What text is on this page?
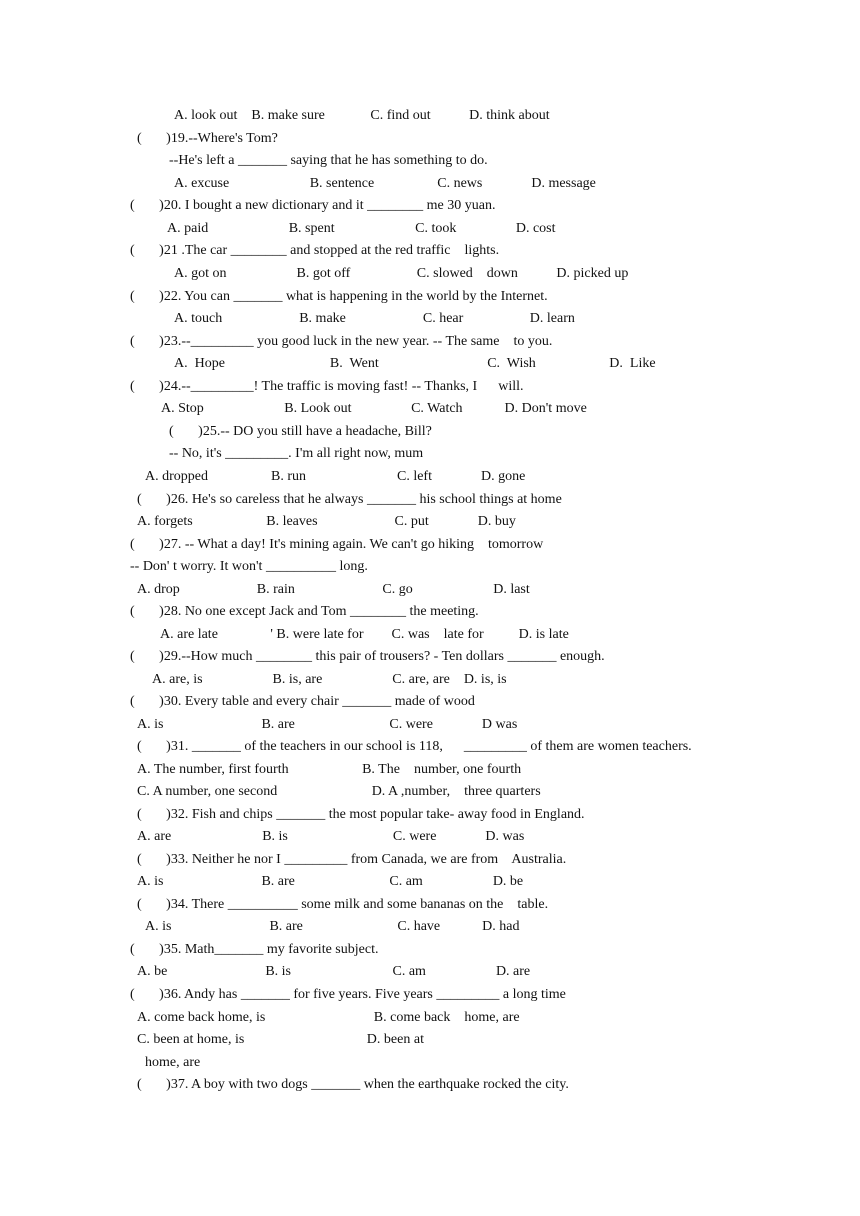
A. look out    B. make sure             C. find out           D. think about
(       )19.--Where's Tom?
--He's left a _______ saying that he has something to do.
A. excuse                       B. sentence                  C. news              D. message
(       )20. I bought a new dictionary and it ________ me 30 yuan.
A. paid                       B. spent                       C. took                 D. cost
(       )21 .The car ________ and stopped at the red traffic    lights.
A. got on                    B. got off                   C. slowed    down           D. picked up
(       )22. You can _______ what is happening in the world by the Internet.
A. touch                      B. make                      C. hear                   D. learn
(       )23.--_________ you good luck in the new year. -- The same    to you.
A.  Hope                              B.  Went                               C.  Wish                     D.  Like
(       )24.--_________! The traffic is moving fast! -- Thanks, I      will.
A. Stop                       B. Look out                 C. Watch            D. Don't move
(       )25.-- DO you still have a headache, Bill?
-- No, it's _________. I'm all right now, mum
A. dropped                  B. run                          C. left              D. gone
(       )26. He's so careless that he always _______ his school things at home
A. forgets                     B. leaves                      C. put              D. buy
(       )27. -- What a day! It's mining again. We can't go hiking    tomorrow
-- Don' t worry. It won't __________ long.
A. drop                      B. rain                         C. go                       D. last
(       )28. No one except Jack and Tom ________ the meeting.
A. are late               ' B. were late for        C. was    late for          D. is late
(       )29.--How much ________ this pair of trousers? - Ten dollars _______ enough.
A. are, is                    B. is, are                    C. are, are    D. is, is
(       )30. Every table and every chair _______ made of wood
A. is                            B. are                           C. were              D was
(       )31. _______ of the teachers in our school is 118,      _________ of them are women teachers.
A. The number, first fourth                     B. The    number, one fourth
C. A number, one second                           D. A ,number,    three quarters
(       )32. Fish and chips _______ the most popular take- away food in England.
A. are                          B. is                              C. were              D. was
(       )33. Neither he nor I _________ from Canada, we are from    Australia.
A. is                            B. are                           C. am                    D. be
(       )34. There __________ some milk and some bananas on the    table.
A. is                            B. are                           C. have            D. had
(       )35. Math_______ my favorite subject.
A. be                            B. is                             C. am                    D. are
(       )36. Andy has _______ for five years. Five years _________ a long time
A. come back home, is                               B. come back    home, are
C. been at home, is                                   D. been at
home, are
(       )37. A boy with two dogs _______ when the earthquake rocked the city.
